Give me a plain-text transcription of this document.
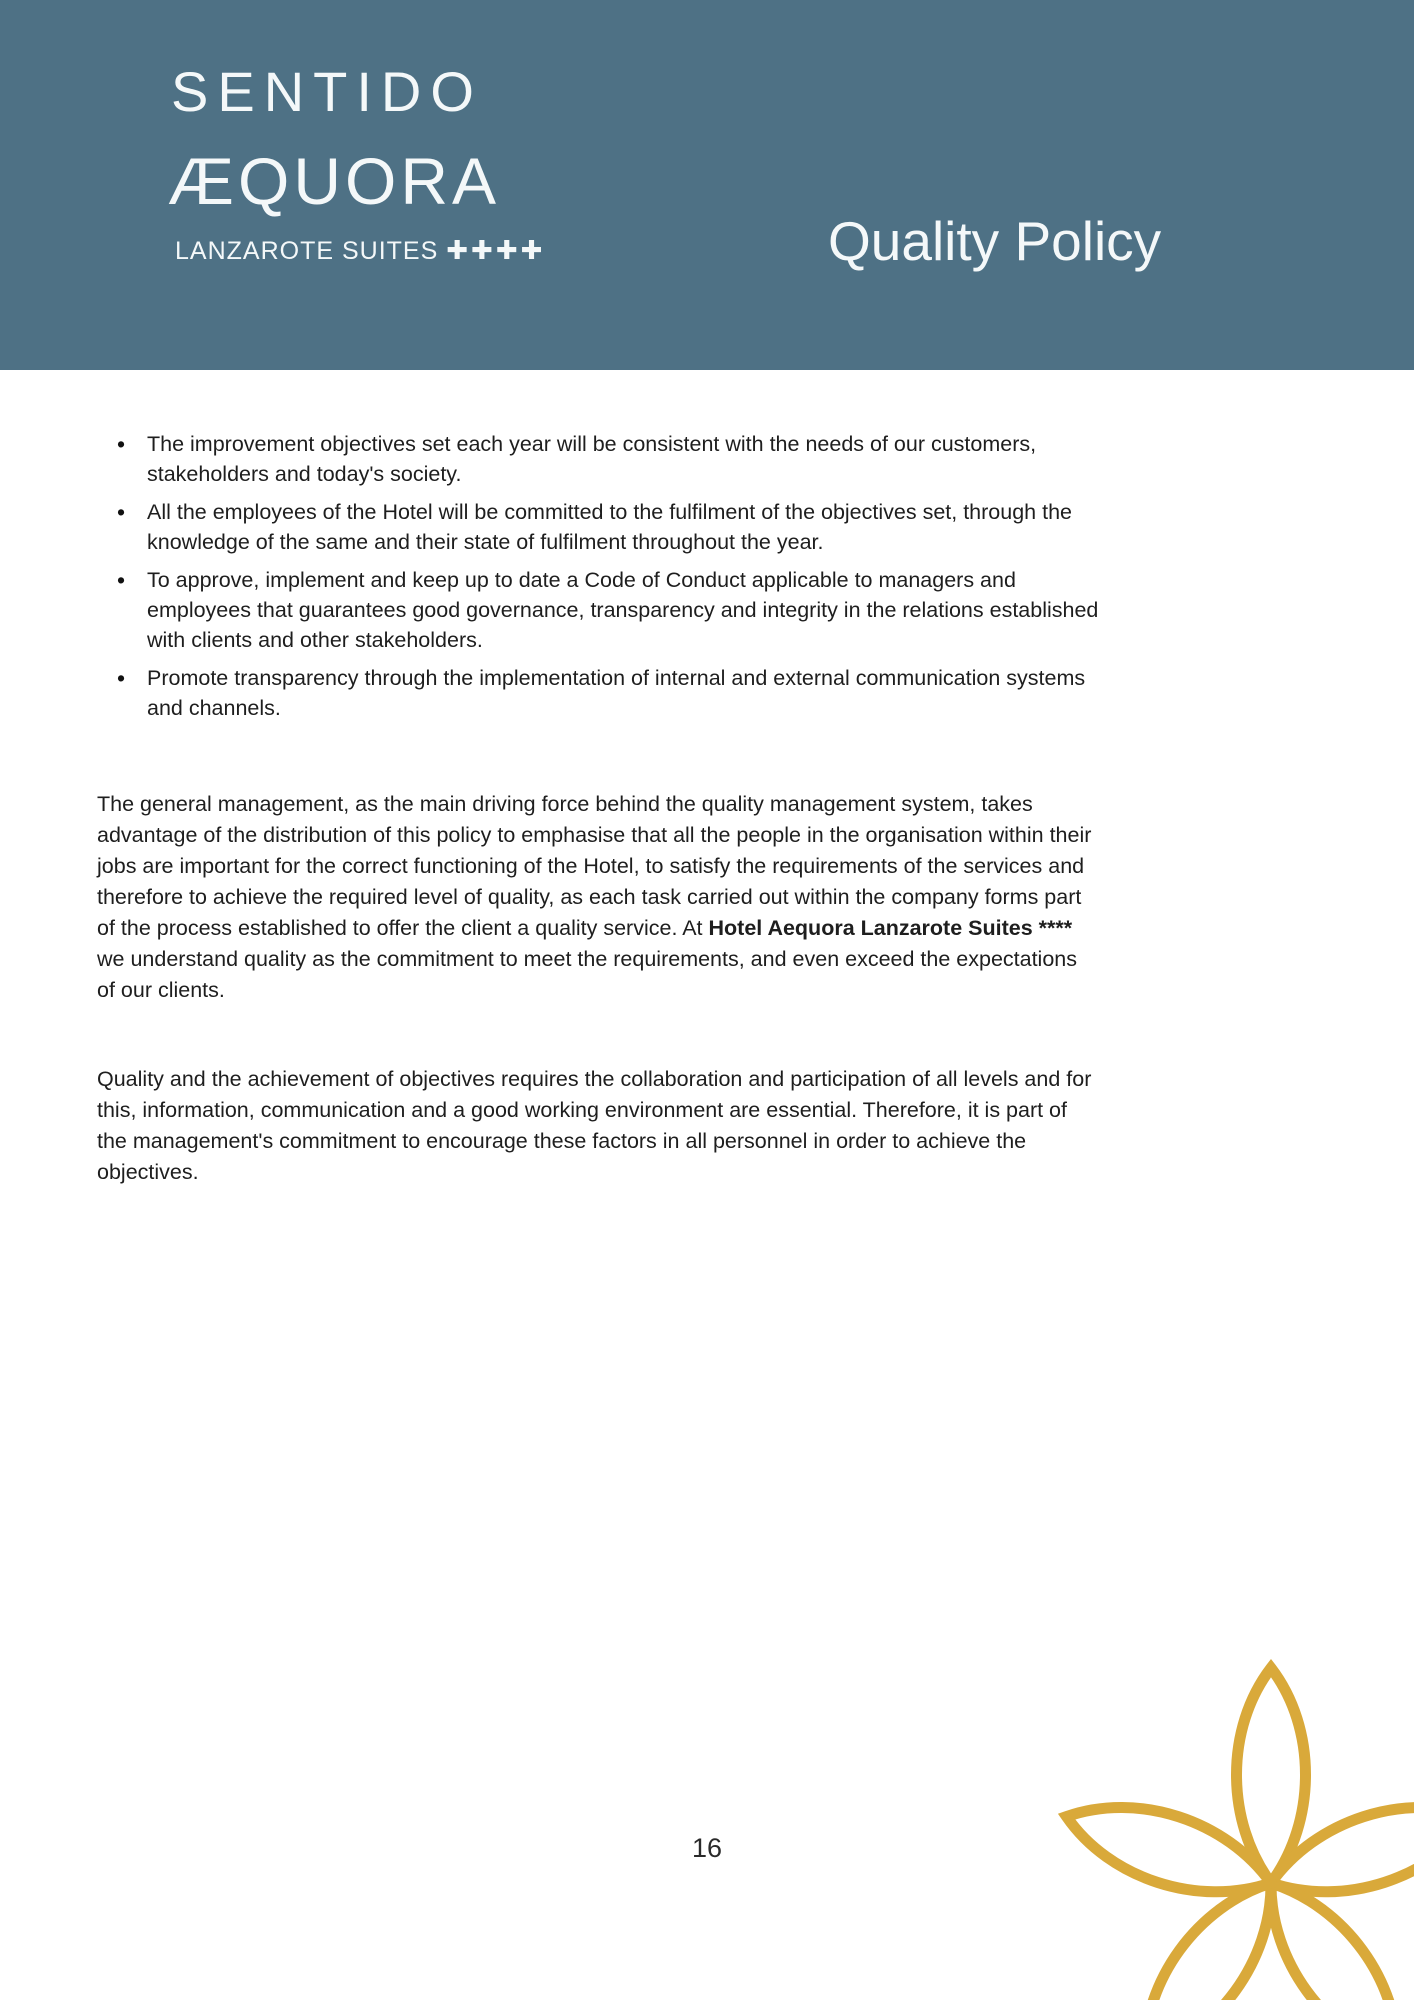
SENTIDO
ÆQUORA
LANZAROTE SUITES ✚✚✚✚	Quality Policy
• The improvement objectives set each year will be consistent with the needs of our customers,
stakeholders and today's society.
• All the employees of the Hotel will be committed to the fulfilment of the objectives set, through the
knowledge of the same and their state of fulfilment throughout the year.
• To approve, implement and keep up to date a Code of Conduct applicable to managers and
employees that guarantees good governance, transparency and integrity in the relations established
with clients and other stakeholders.
• Promote transparency through the implementation of internal and external communication systems
and channels.

The general management, as the main driving force behind the quality management system, takes
advantage of the distribution of this policy to emphasise that all the people in the organisation within their
jobs are important for the correct functioning of the Hotel, to satisfy the requirements of the services and
therefore to achieve the required level of quality, as each task carried out within the company forms part
of the process established to offer the client a quality service. At Hotel Aequora Lanzarote Suites ****
we understand quality as the commitment to meet the requirements, and even exceed the expectations
of our clients.

Quality and the achievement of objectives requires the collaboration and participation of all levels and for
this, information, communication and a good working environment are essential. Therefore, it is part of
the management's commitment to encourage these factors in all personnel in order to achieve the
objectives.

16
